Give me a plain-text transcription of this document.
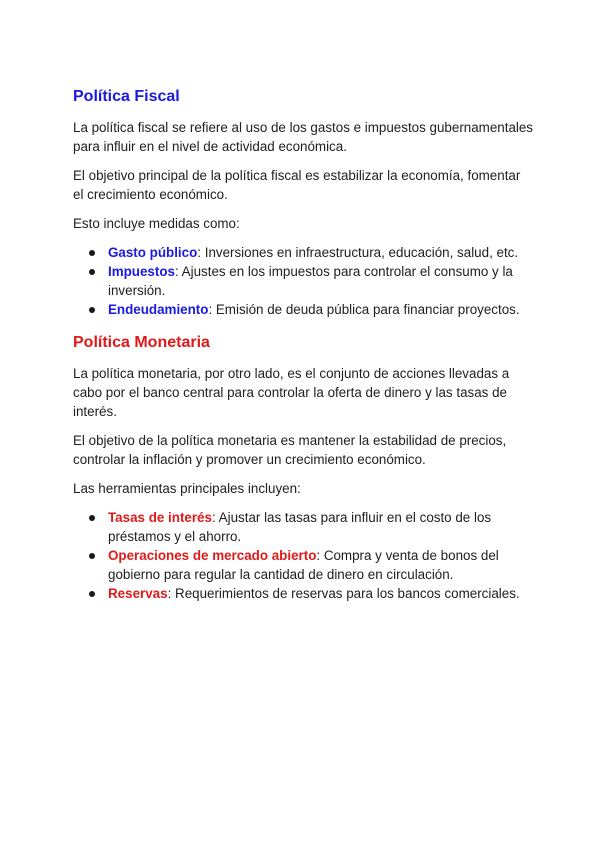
Política Fiscal

La política fiscal se refiere al uso de los gastos e impuestos gubernamentales para influir en el nivel de actividad económica.

El objetivo principal de la política fiscal es estabilizar la economía, fomentar el crecimiento económico.

Esto incluye medidas como:

Gasto público: Inversiones en infraestructura, educación, salud, etc.
Impuestos: Ajustes en los impuestos para controlar el consumo y la inversión.
Endeudamiento: Emisión de deuda pública para financiar proyectos.
Política Monetaria

La política monetaria, por otro lado, es el conjunto de acciones llevadas a cabo por el banco central para controlar la oferta de dinero y las tasas de interés.

El objetivo de la política monetaria es mantener la estabilidad de precios, controlar la inflación y promover un crecimiento económico.

Las herramientas principales incluyen:

Tasas de interés: Ajustar las tasas para influir en el costo de los préstamos y el ahorro.
Operaciones de mercado abierto: Compra y venta de bonos del gobierno para regular la cantidad de dinero en circulación.
Reservas: Requerimientos de reservas para los bancos comerciales.
